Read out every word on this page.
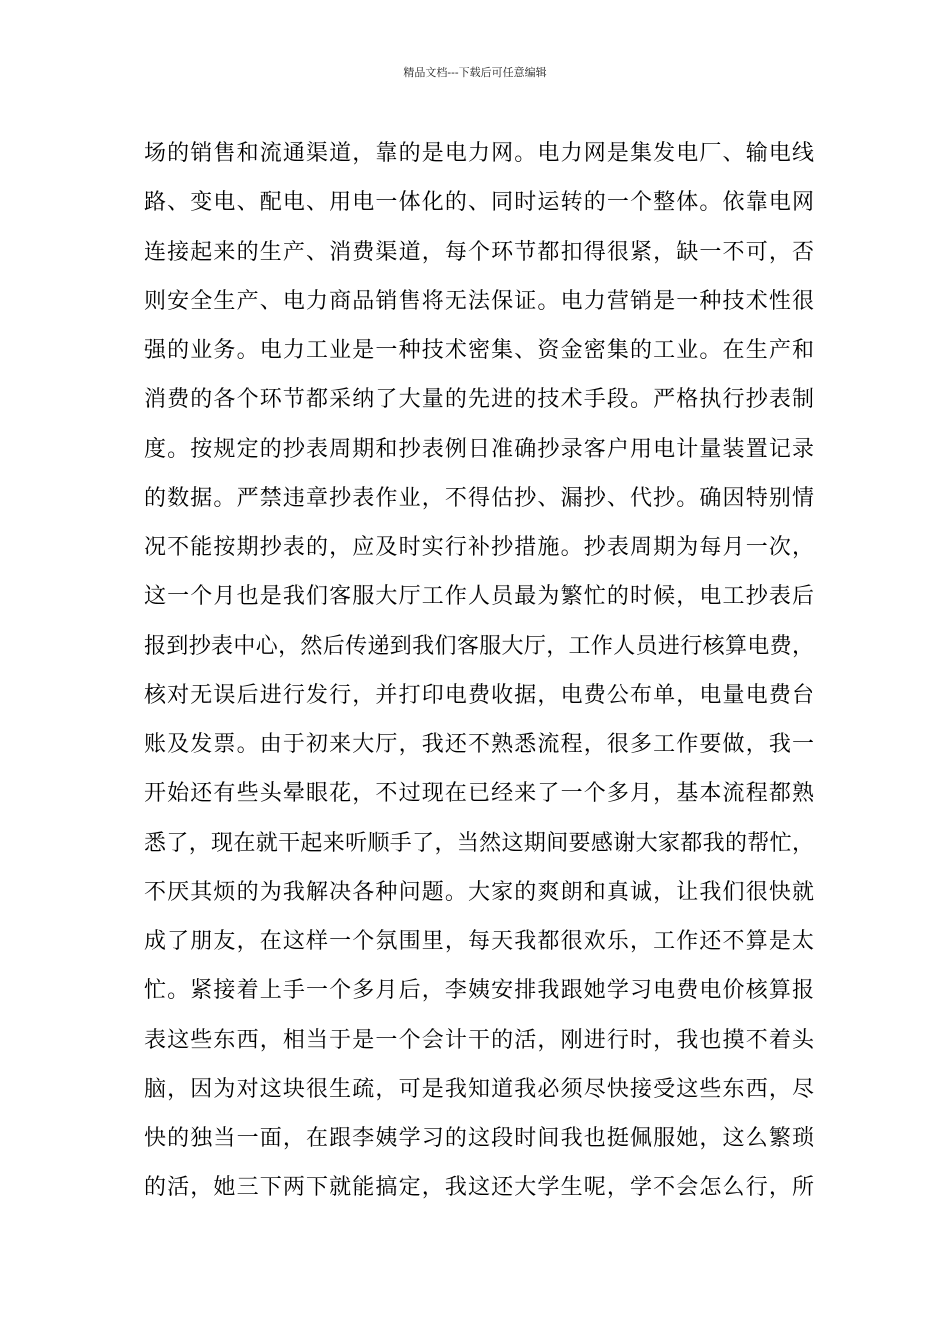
精品文档---下载后可任意编辑
场的销售和流通渠道，靠的是电力网。电力网是集发电厂、输电线
路、变电、配电、用电一体化的、同时运转的一个整体。依靠电网
连接起来的生产、消费渠道，每个环节都扣得很紧，缺一不可，否
则安全生产、电力商品销售将无法保证。电力营销是一种技术性很
强的业务。电力工业是一种技术密集、资金密集的工业。在生产和
消费的各个环节都采纳了大量的先进的技术手段。严格执行抄表制
度。按规定的抄表周期和抄表例日准确抄录客户用电计量装置记录
的数据。严禁违章抄表作业，不得估抄、漏抄、代抄。确因特别情
况不能按期抄表的，应及时实行补抄措施。抄表周期为每月一次，
这一个月也是我们客服大厅工作人员最为繁忙的时候，电工抄表后
报到抄表中心，然后传递到我们客服大厅，工作人员进行核算电费，
核对无误后进行发行，并打印电费收据，电费公布单，电量电费台
账及发票。由于初来大厅，我还不熟悉流程，很多工作要做，我一
开始还有些头晕眼花，不过现在已经来了一个多月，基本流程都熟
悉了，现在就干起来听顺手了，当然这期间要感谢大家都我的帮忙，
不厌其烦的为我解决各种问题。大家的爽朗和真诚，让我们很快就
成了朋友，在这样一个氛围里，每天我都很欢乐，工作还不算是太
忙。紧接着上手一个多月后，李姨安排我跟她学习电费电价核算报
表这些东西，相当于是一个会计干的活，刚进行时，我也摸不着头
脑，因为对这块很生疏，可是我知道我必须尽快接受这些东西，尽
快的独当一面，在跟李姨学习的这段时间我也挺佩服她，这么繁琐
的活，她三下两下就能搞定，我这还大学生呢，学不会怎么行，所
